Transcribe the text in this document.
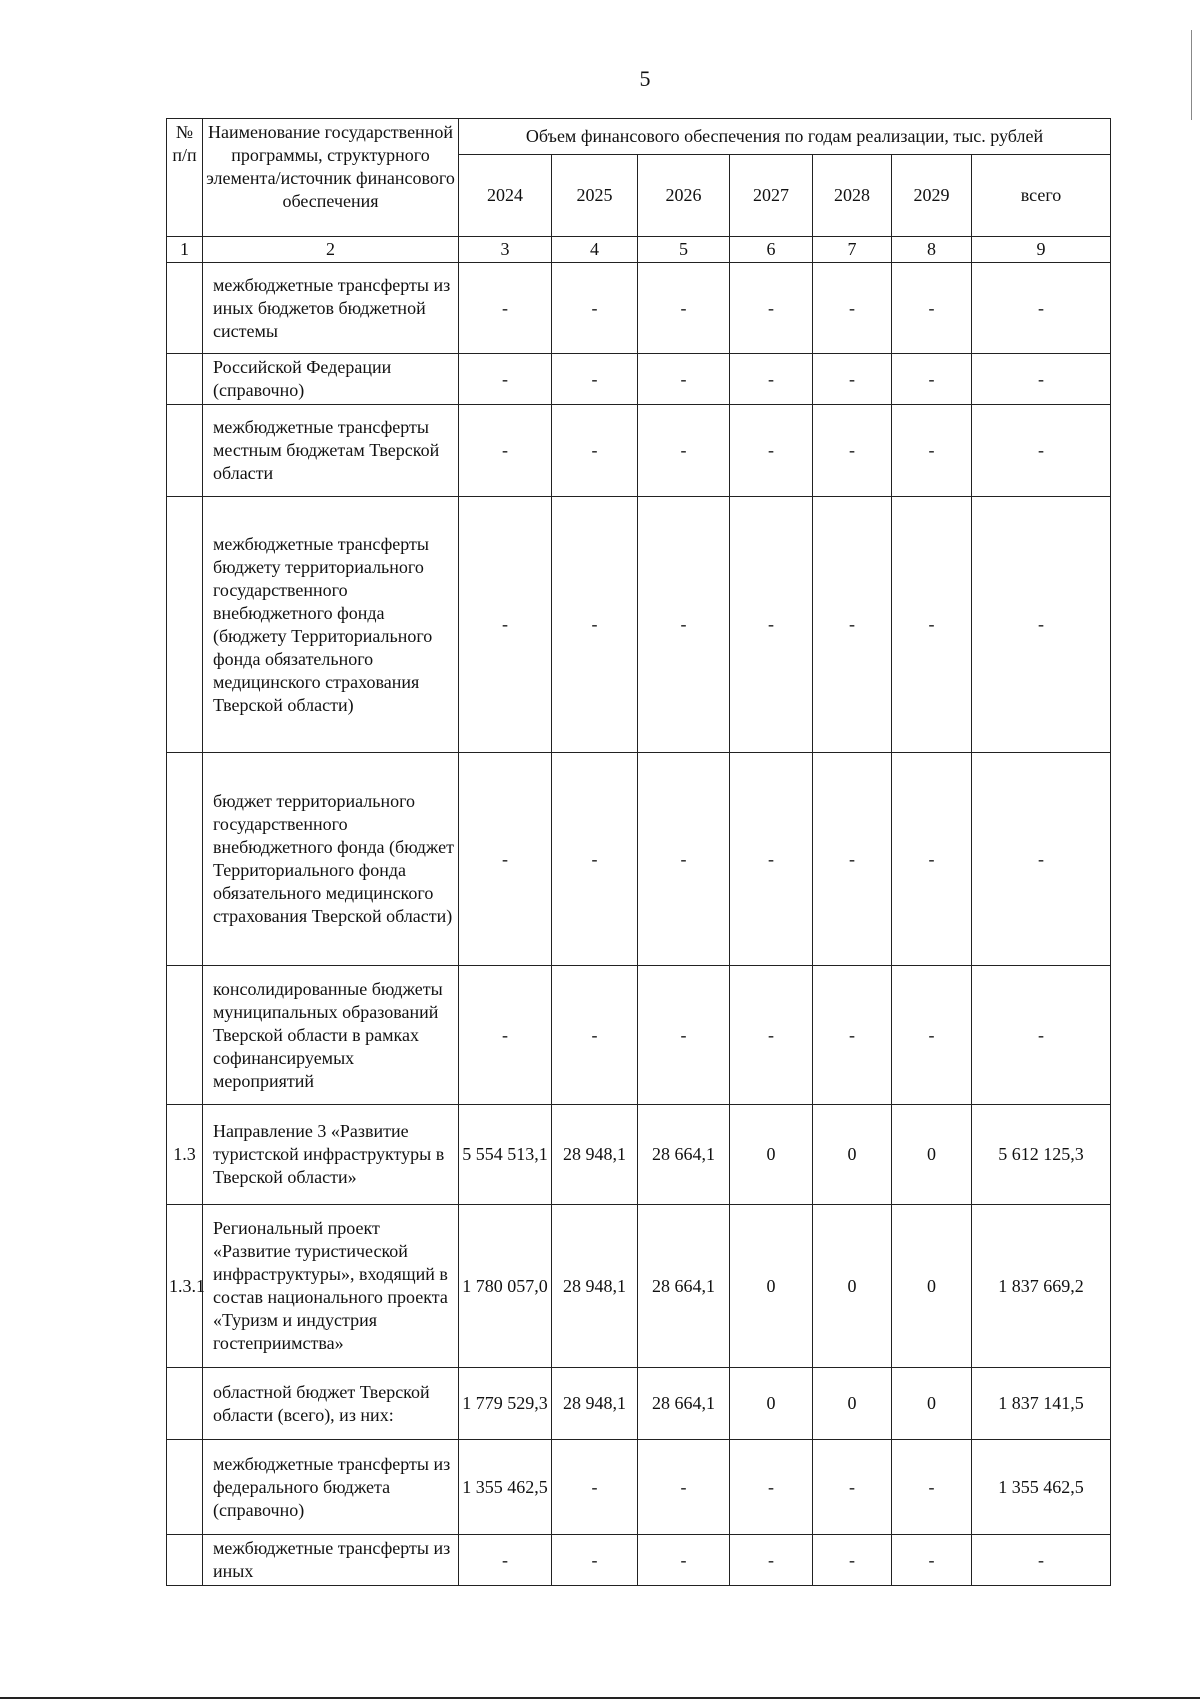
5
№ п/п	Наименование государственной программы, структурного элемента/источник финансового обеспечения	Объем финансового обеспечения по годам реализации, тыс. рублей						
		2024	2025	2026	2027	2028	2029	всего
1	2	3	4	5	6	7	8	9
	межбюджетные трансферты из иных бюджетов бюджетной системы	-	-	-	-	-	-	-
	Российской Федерации (справочно)	-	-	-	-	-	-	-
	межбюджетные трансферты местным бюджетам Тверской области	-	-	-	-	-	-	-
	межбюджетные трансферты бюджету территориального государственного внебюджетного фонда (бюджету Территориального фонда обязательного медицинского страхования Тверской области)	-	-	-	-	-	-	-
	бюджет территориального государственного внебюджетного фонда (бюджет Территориального фонда обязательного медицинского страхования Тверской области)	-	-	-	-	-	-	-
	консолидированные бюджеты муниципальных образований Тверской области в рамках софинансируемых мероприятий	-	-	-	-	-	-	-
1.3	Направление 3 «Развитие туристской инфраструктуры в Тверской области»	5 554 513,1	28 948,1	28 664,1	0	0	0	5 612 125,3
1.3.1	Региональный проект «Развитие туристической инфраструктуры», входящий в состав национального проекта «Туризм и индустрия гостеприимства»	1 780 057,0	28 948,1	28 664,1	0	0	0	1 837 669,2
	областной бюджет Тверской области (всего), из них:	1 779 529,3	28 948,1	28 664,1	0	0	0	1 837 141,5
	межбюджетные трансферты из федерального бюджета (справочно)	1 355 462,5	-	-	-	-	-	1 355 462,5
	межбюджетные трансферты из иных	-	-	-	-	-	-	-
